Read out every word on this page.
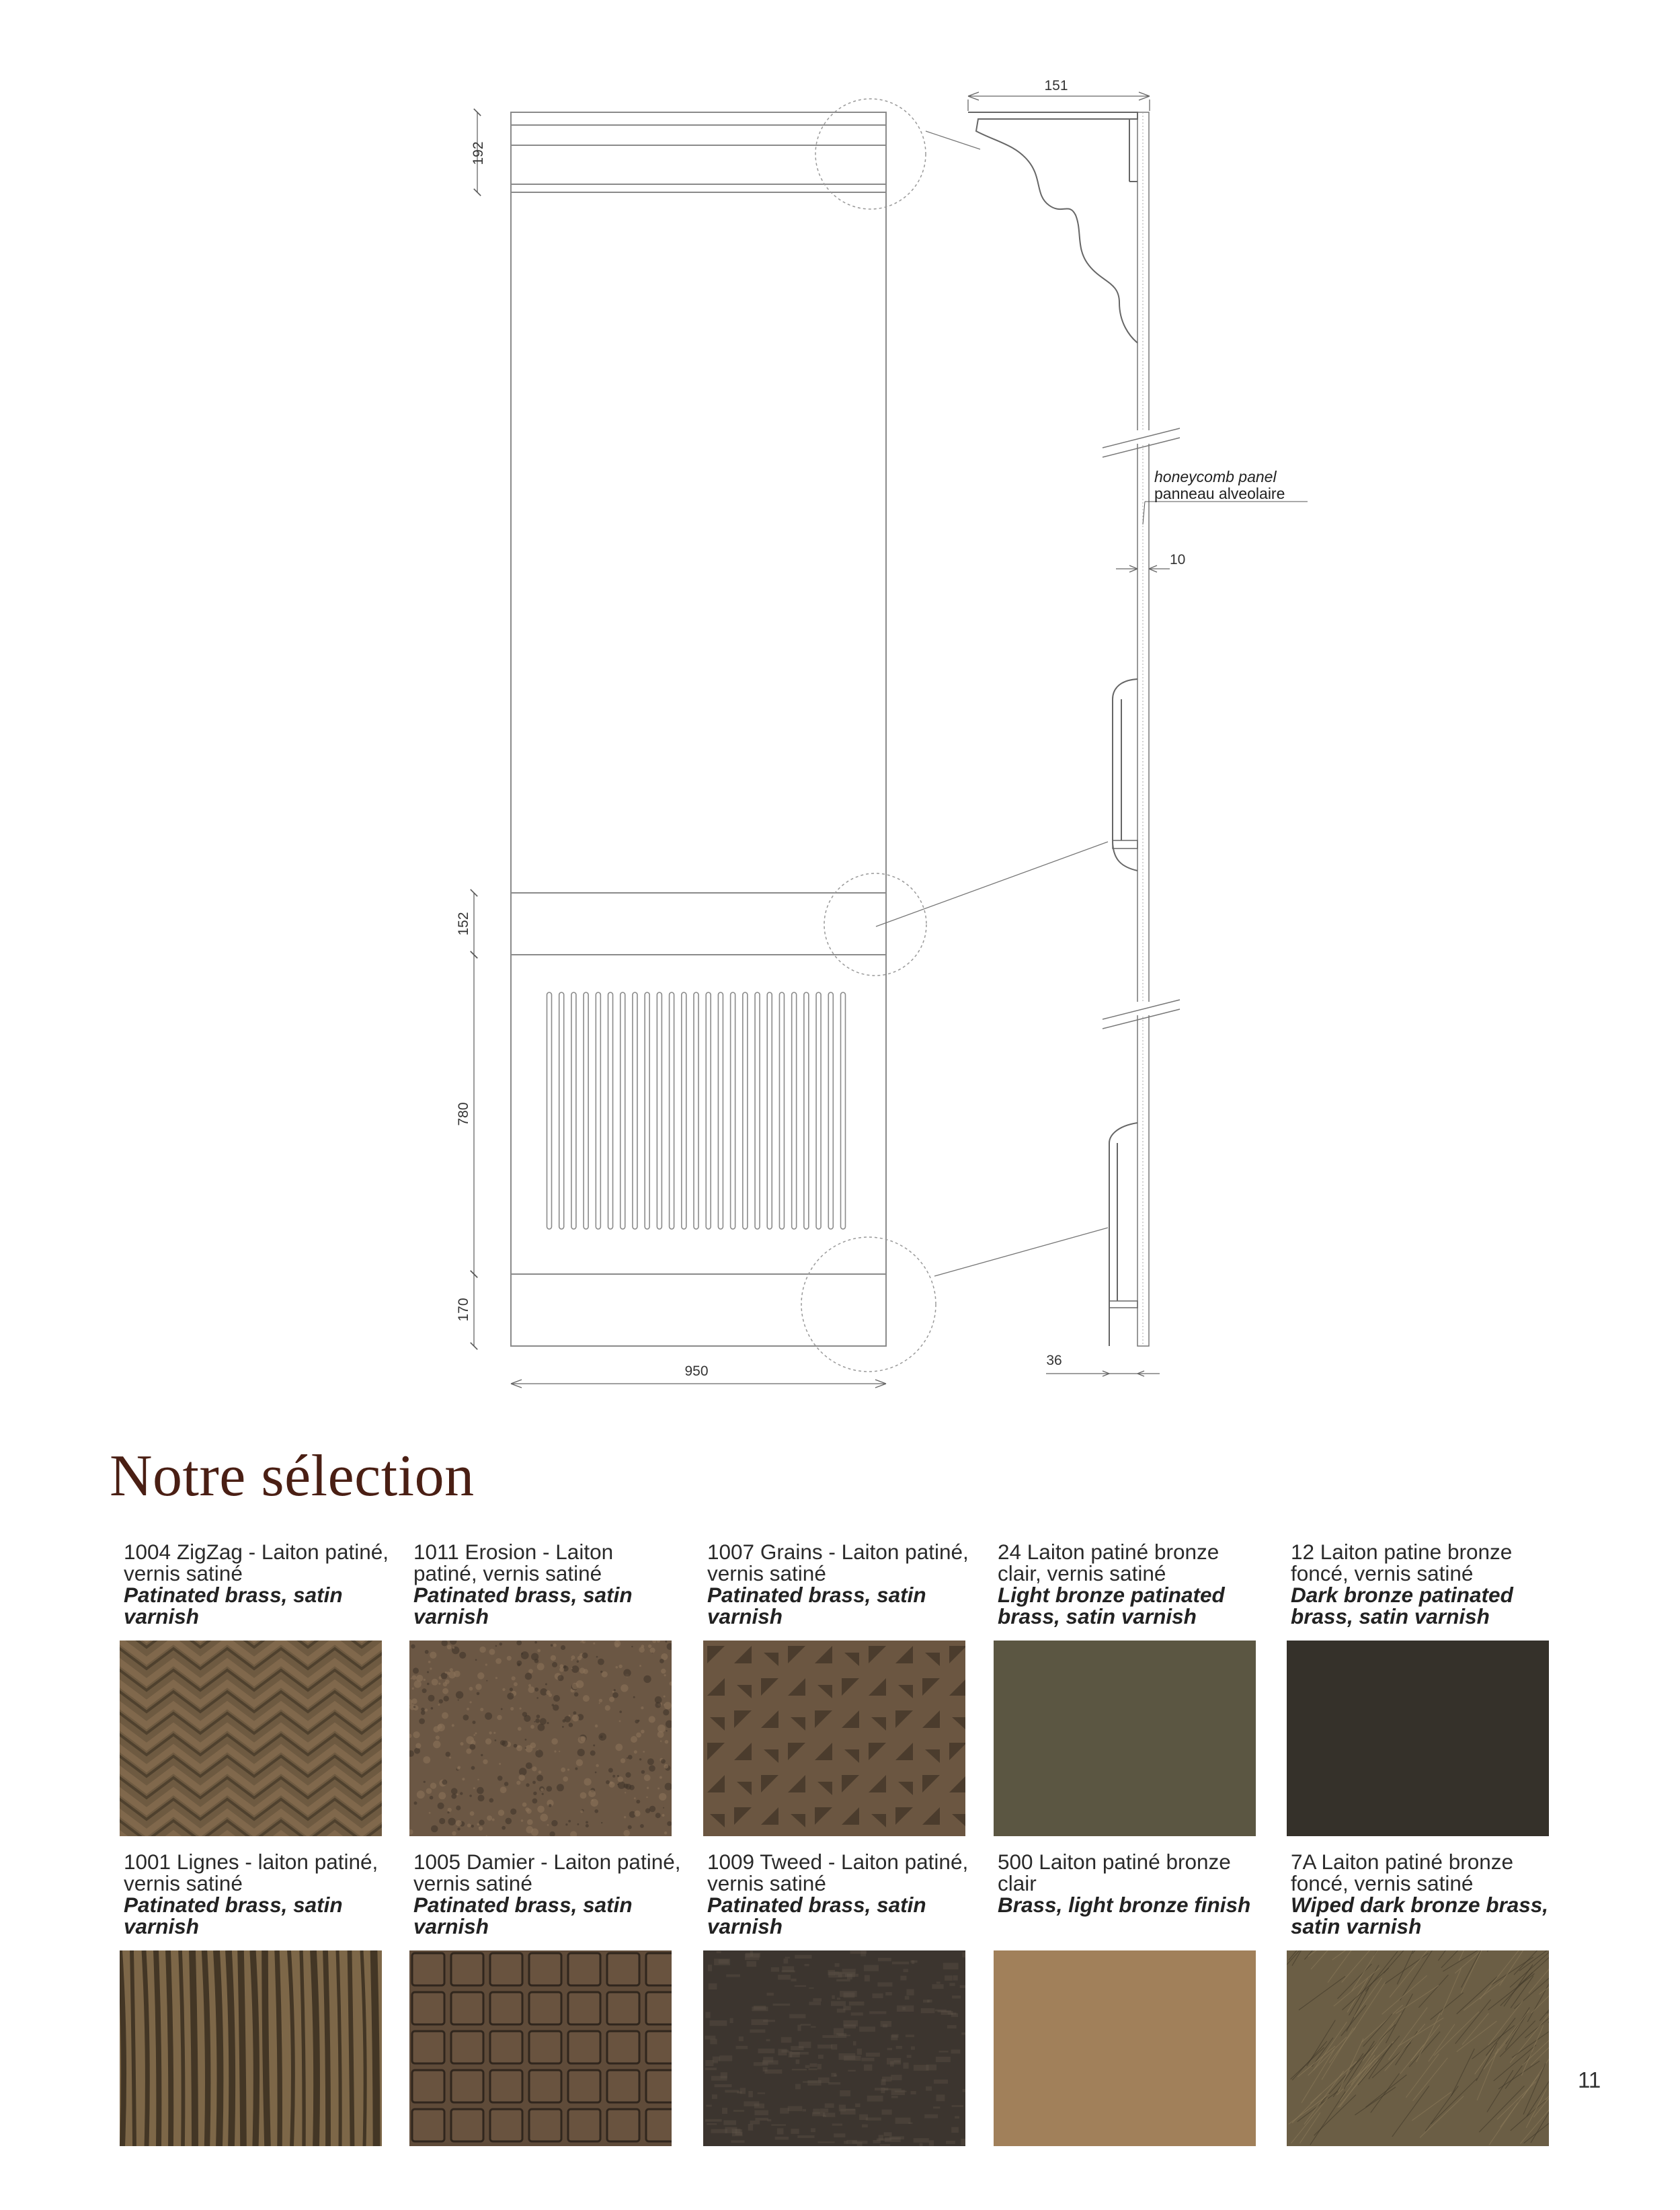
192
152
780
170
950
151
10
36
honeycomb panel
panneau alveolaire
Notre sélection
1004 ZigZag - Laiton patiné, vernis satiné
Patinated brass, satin varnish
1011 Erosion - Laiton patiné, vernis satiné
Patinated brass, satin varnish
1007 Grains - Laiton patiné, vernis satiné
Patinated brass, satin varnish
24 Laiton patiné bronze clair, vernis satiné
Light bronze patinated brass, satin varnish
12 Laiton patine bronze foncé, vernis satiné
Dark bronze patinated brass, satin varnish
1001 Lignes - laiton patiné, vernis satiné
Patinated brass, satin varnish
1005 Damier - Laiton patiné, vernis satiné
Patinated brass, satin varnish
1009 Tweed - Laiton patiné, vernis satiné
Patinated brass, satin varnish
500 Laiton patiné bronze clair
Brass, light bronze finish
7A Laiton patiné bronze foncé, vernis satiné
Wiped dark bronze brass, satin varnish
11
